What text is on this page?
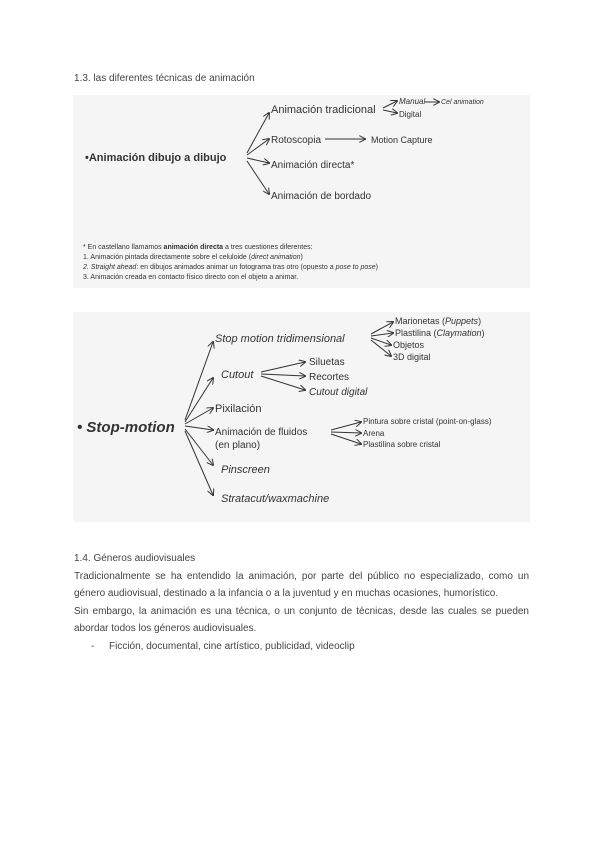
1.3. las diferentes técnicas de animación
•Animación dibujo a dibujo
Animación tradicional
Manual Cel animation
Digital
Rotoscopia	Motion Capture
Animación directa*
Animación de bordado
* En castellano llamamos animación directa a tres cuestiones diferentes:
1. Animación pintada directamente sobre el celuloide (direct animation)
2. Straight ahead: en dibujos animados animar un fotograma tras otro (opuesto a pose to pose)
3. Animación creada en contacto físico directo con el objeto a animar.
• Stop-motion
Stop motion tridimensional
Marionetas (Puppets)
Plastilina (Claymation)
Objetos
3D digital
Cutout
Siluetas
Recortes
Cutout digital
Pixilación
Animación de fluidos
(en plano)
Pintura sobre cristal (point-on-glass)
Arena
Plastilina sobre cristal
Pinscreen
Stratacut/waxmachine

1.4. Géneros audiovisuales

Tradicionalmente se ha entendido la animación, por parte del público no especializado, como un género audiovisual, destinado a la infancia o a la juventud y en muchas ocasiones, humorístico.

Sin embargo, la animación es una técnica, o un conjunto de técnicas, desde las cuales se pueden abordar todos los géneros audiovisuales.

- Ficción, documental, cine artístico, publicidad, videoclip
